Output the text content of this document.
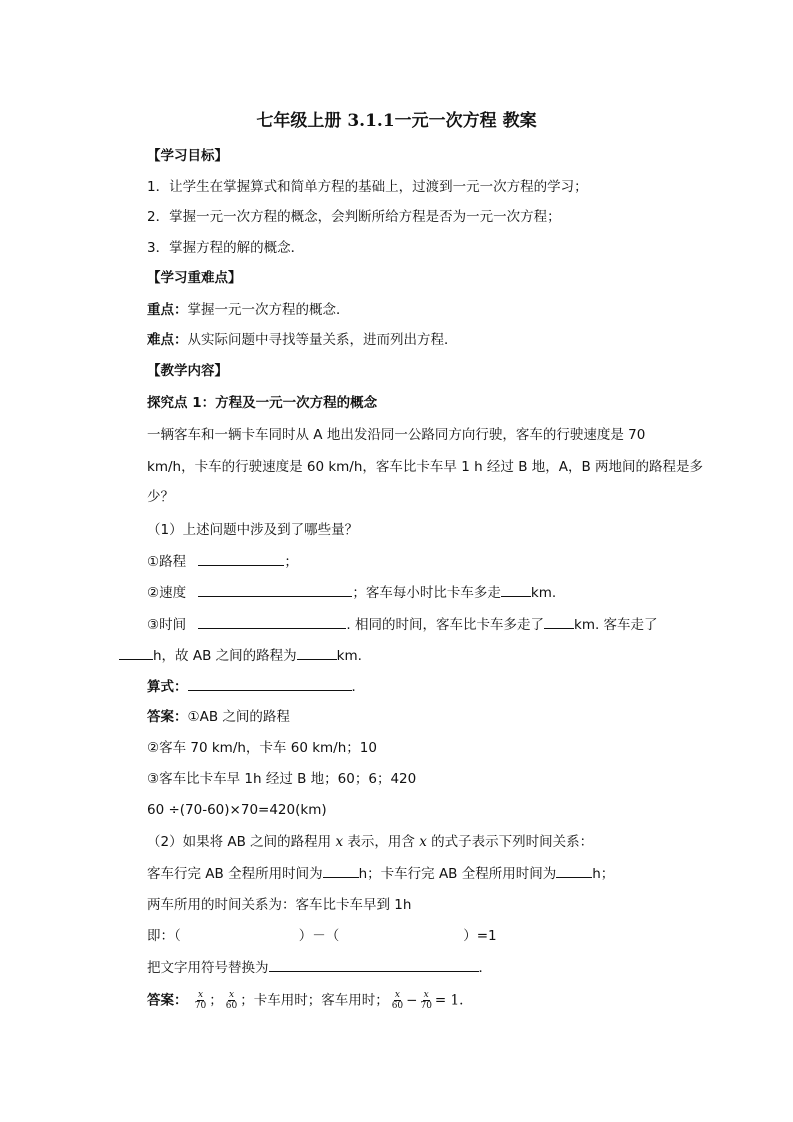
七年级上册 3.1.1一元一次方程 教案
【学习目标】
1．让学生在掌握算式和简单方程的基础上，过渡到一元一次方程的学习；
2．掌握一元一次方程的概念，会判断所给方程是否为一元一次方程；
3．掌握方程的解的概念．
【学习重难点】
重点：掌握一元一次方程的概念．
难点：从实际问题中寻找等量关系，进而列出方程．
【教学内容】
探究点 1：方程及一元一次方程的概念
一辆客车和一辆卡车同时从 A 地出发沿同一公路同方向行驶，客车的行驶速度是 70
km/h，卡车的行驶速度是 60 km/h，客车比卡车早 1 h 经过 B 地，A，B 两地间的路程是多
少？
（1）上述问题中涉及到了哪些量？
①路程	；
②速度	；客车每小时比卡车多走 km.
③时间	. 相同的时间，客车比卡车多走了 km. 客车走了
h，故 AB 之间的路程为	km.
算式：	．
答案：①AB 之间的路程
②客车 70 km/h，卡车 60 km/h；10
③客车比卡车早 1h 经过 B 地；60；6；420
60 ÷(70-60)×70=420(km)
（2）如果将 AB 之间的路程用 x 表示，用含 x 的式子表示下列时间关系：
客车行完 AB 全程所用时间为	h；卡车行完 AB 全程所用时间为	h；
两车所用的时间关系为：客车比卡车早到 1h
即：（	）－（	）=1
把文字用符号替换为	．
答案： $\frac{x}{70}$ ； $\frac{x}{60}$ ；卡车用时；客车用时； $\frac{x}{60} - \frac{x}{70} = 1$.
